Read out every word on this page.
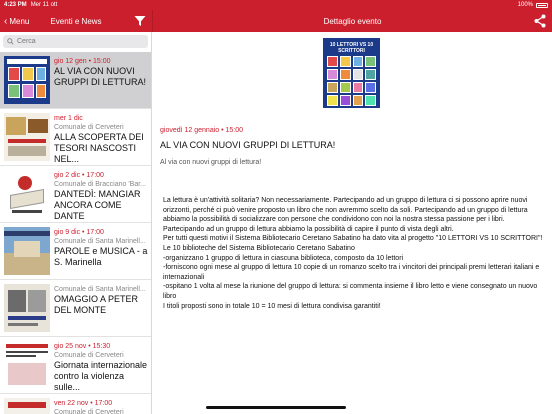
4:23 PM Mer 11 ott	100%
‹ Menu	Eventi e News	Dettaglio evento
Cerca
gio 12 gen • 15:00
AL VIA CON NUOVI GRUPPI DI LETTURA!
mer 1 dic
Comunale di Cerveteri
ALLA SCOPERTA DEI TESORI NASCOSTI NEL...
gio 2 dic • 17:00
Comunale di Bracciano 'Bar...
DANTEDÌ: MANGIAR ANCORA COME DANTE
gio 9 dic • 17:00
Comunale di Santa Marinell...
PAROLE e MUSICA - a S. Marinella
Comunale di Santa Marinell...
OMAGGIO A PETER DEL MONTE
gio 25 nov • 15:30
Comunale di Cerveteri
Giornata internazionale contro la violenza sulle...
ven 22 nov • 17:00
Comunale di Cerveteri
10 LETTORI VS 10 SCRITTORI
giovedì 12 gennaio • 15:00
AL VIA CON NUOVI GRUPPI DI LETTURA!
Al via con nuovi gruppi di lettura!

La lettura è un'attività solitaria? Non necessariamente. Partecipando ad un gruppo di lettura ci si possono aprire nuovi orizzonti, perché ci può venire proposto un libro che non avremmo scelto da soli. Partecipando ad un gruppo di lettura abbiamo la possibilità di socializzare con persone che condividono con noi la nostra stessa passione per i libri.

Partecipando ad un gruppo di lettura abbiamo la possibilità di capire il punto di vista degli altri.

Per tutti questi motivi il Sistema Bibliotecario Ceretano Sabatino ha dato vita al progetto "10 LETTORI VS 10 SCRITTORI"!

Le 10 biblioteche del Sistema Bibliotecario Ceretano Sabatino

-organizzano 1 gruppo di lettura in ciascuna biblioteca, composto da 10 lettori

-forniscono ogni mese al gruppo di lettura 10 copie di un romanzo scelto tra i vincitori dei principali premi letterari italiani e internazionali

-ospitano 1 volta al mese la riunione del gruppo di lettura: si commenta insieme il libro letto e viene consegnato un nuovo libro

I titoli proposti sono in totale 10 = 10 mesi di lettura condivisa garantiti!
